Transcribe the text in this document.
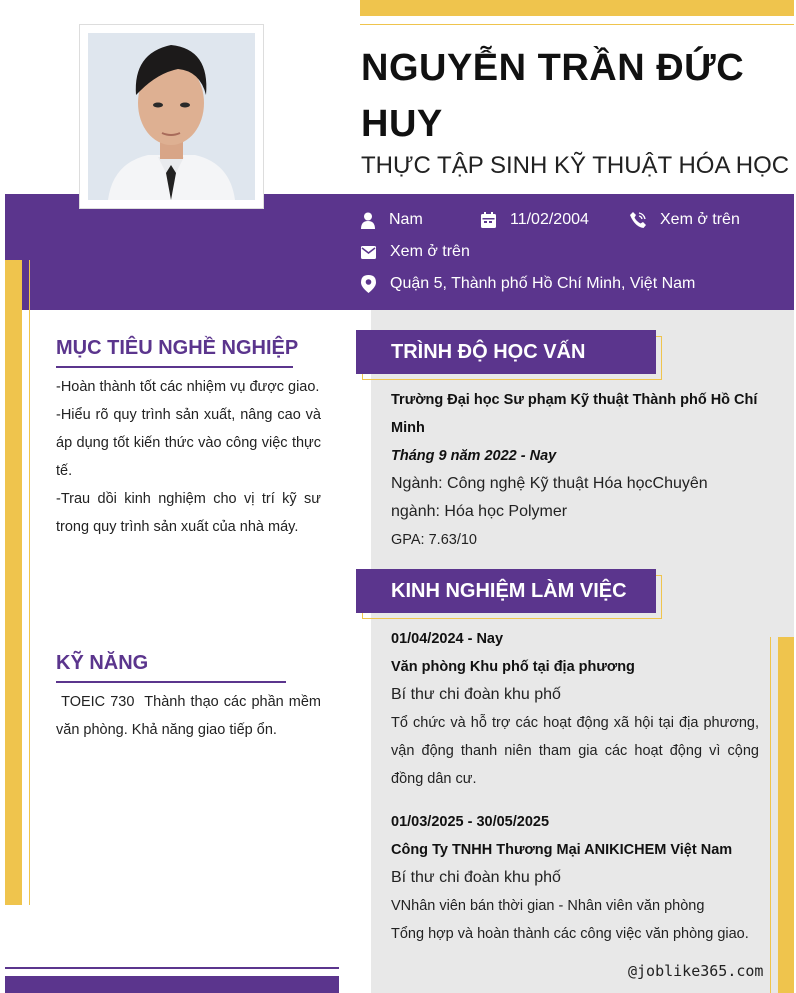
NGUYỄN TRẦN ĐỨC HUY
THỰC TẬP SINH KỸ THUẬT HÓA HỌC
Nam	11/02/2004	Xem ở trên
Xem ở trên
Quận 5, Thành phố Hồ Chí Minh, Việt Nam
MỤC TIÊU NGHỀ NGHIỆP
-Hoàn thành tốt các nhiệm vụ được giao.
-Hiểu rõ quy trình sản xuất, nâng cao và áp dụng tốt kiến thức vào công việc thực tế.
-Trau dồi kinh nghiệm cho vị trí kỹ sư trong quy trình sản xuất của nhà máy.
KỸ NĂNG
TOEIC 730  Thành thạo các phần mềm văn phòng. Khả năng giao tiếp ổn.
TRÌNH ĐỘ HỌC VẤN
Trường Đại học Sư phạm Kỹ thuật Thành phố Hồ Chí Minh
Tháng 9 năm 2022 - Nay
Ngành: Công nghệ Kỹ thuật Hóa họcChuyên ngành: Hóa học Polymer
GPA: 7.63/10
KINH NGHIỆM LÀM VIỆC
01/04/2024 - Nay
Văn phòng Khu phố tại địa phương
Bí thư chi đoàn khu phố
Tổ chức và hỗ trợ các hoạt động xã hội tại địa phương, vận động thanh niên tham gia các hoạt động vì cộng đồng dân cư.
01/03/2025 - 30/05/2025
Công Ty TNHH Thương Mại ANIKICHEM Việt Nam
Bí thư chi đoàn khu phố
VNhân viên bán thời gian - Nhân viên văn phòng
Tổng hợp và hoàn thành các công việc văn phòng giao.
@joblike365.com
